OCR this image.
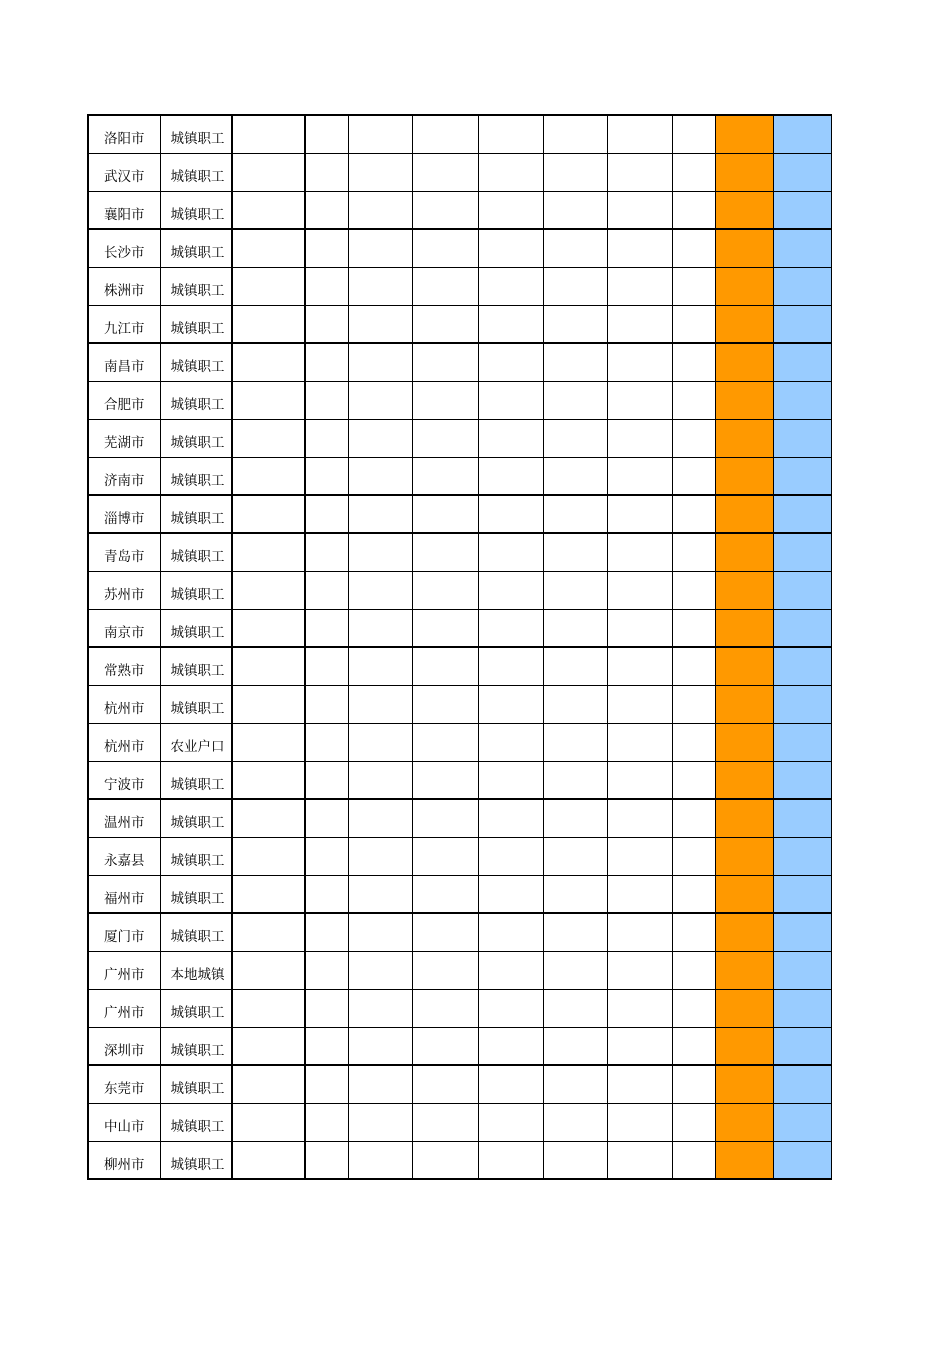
洛阳市	城镇职工										
武汉市	城镇职工										
襄阳市	城镇职工										
长沙市	城镇职工										
株洲市	城镇职工										
九江市	城镇职工										
南昌市	城镇职工										
合肥市	城镇职工										
芜湖市	城镇职工										
济南市	城镇职工										
淄博市	城镇职工										
青岛市	城镇职工										
苏州市	城镇职工										
南京市	城镇职工										
常熟市	城镇职工										
杭州市	城镇职工										
杭州市	农业户口										
宁波市	城镇职工										
温州市	城镇职工										
永嘉县	城镇职工										
福州市	城镇职工										
厦门市	城镇职工										
广州市	本地城镇										
广州市	城镇职工										
深圳市	城镇职工										
东莞市	城镇职工										
中山市	城镇职工										
柳州市	城镇职工										
